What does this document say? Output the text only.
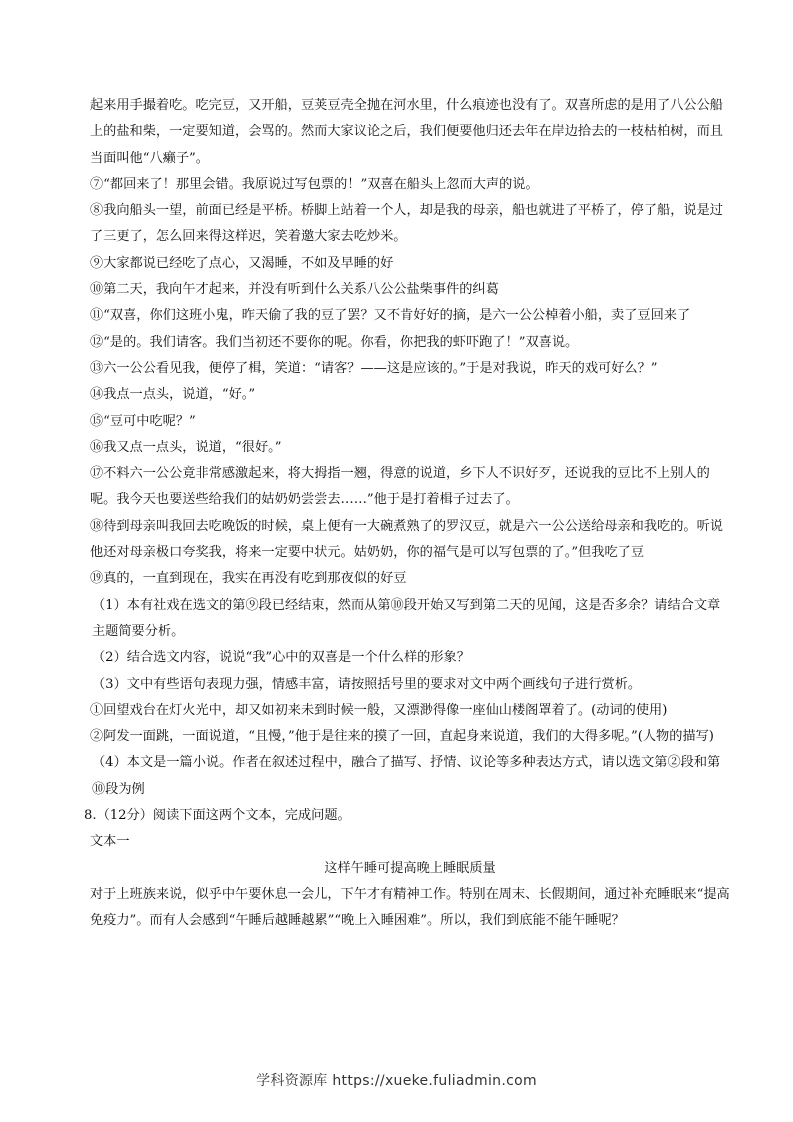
起来用手撮着吃。吃完豆，又开船，豆荚豆壳全抛在河水里，什么痕迹也没有了。双喜所虑的是用了八公公船上的盐和柴，一定要知道，会骂的。然而大家议论之后，我们便要他归还去年在岸边拾去的一枝枯柏树，而且当面叫他“八癞子”。

⑦“都回来了！那里会错。我原说过写包票的！”双喜在船头上忽而大声的说。

⑧我向船头一望，前面已经是平桥。桥脚上站着一个人，却是我的母亲，船也就进了平桥了，停了船，说是过了三更了，怎么回来得这样迟，笑着邀大家去吃炒米。

⑨大家都说已经吃了点心，又渴睡，不如及早睡的好

⑩第二天，我向午才起来，并没有听到什么关系八公公盐柴事件的纠葛

⑪“双喜，你们这班小鬼，昨天偷了我的豆了罢？又不肯好好的摘，是六一公公棹着小船，卖了豆回来了

⑫“是的。我们请客。我们当初还不要你的呢。你看，你把我的虾吓跑了！”双喜说。

⑬六一公公看见我，便停了楫，笑道：“请客？——这是应该的。”于是对我说，昨天的戏可好么？”

⑭我点一点头，说道，“好。”

⑮“豆可中吃呢？”

⑯我又点一点头，说道，“很好。”

⑰不料六一公公竟非常感激起来，将大拇指一翘，得意的说道，乡下人不识好歹，还说我的豆比不上别人的呢。我今天也要送些给我们的姑奶奶尝尝去……”他于是打着楫子过去了。

⑱待到母亲叫我回去吃晚饭的时候，桌上便有一大碗煮熟了的罗汉豆，就是六一公公送给母亲和我吃的。听说他还对母亲极口夸奖我，将来一定要中状元。姑奶奶，你的福气是可以写包票的了。”但我吃了豆

⑲真的，一直到现在，我实在再没有吃到那夜似的好豆

（1）本有社戏在选文的第⑨段已经结束，然而从第⑩段开始又写到第二天的见闻，这是否多余？请结合文章主题简要分析。

（2）结合选文内容，说说“我”心中的双喜是一个什么样的形象？

（3）文中有些语句表现力强，情感丰富，请按照括号里的要求对文中两个画线句子进行赏析。

①回望戏台在灯火光中，却又如初来未到时候一般，又漂渺得像一座仙山楼阁罩着了。(动词的使用)

②阿发一面跳，一面说道，“且慢，”他于是往来的摸了一回，直起身来说道，我们的大得多呢。”(人物的描写)

（4）本文是一篇小说。作者在叙述过程中，融合了描写、抒情、议论等多种表达方式，请以选文第②段和第⑩段为例

8.（12分）阅读下面这两个文本，完成问题。

文本一

这样午睡可提高晚上睡眠质量

对于上班族来说，似乎中午要休息一会儿，下午才有精神工作。特别在周末、长假期间，通过补充睡眠来“提高免疫力”。而有人会感到“午睡后越睡越累”“晚上入睡困难”。所以，我们到底能不能午睡呢？

学科资源库 https://xueke.fuliadmin.com
